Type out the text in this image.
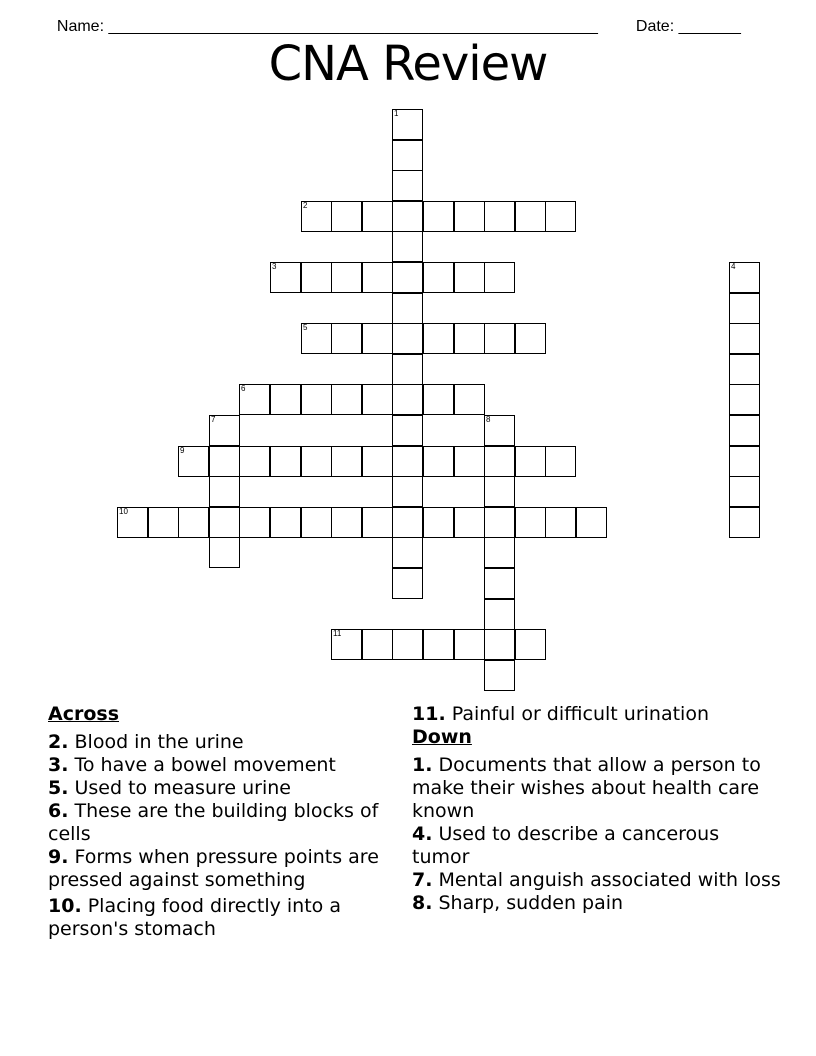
Name: _______________________________________________________	Date: _______

CNA Review
1
2
3	4
5
6
7	8
9
10
11
Across
2. Blood in the urine
3. To have a bowel movement
5. Used to measure urine
6. These are the building blocks of cells
9. Forms when pressure points are pressed against something
10. Placing food directly into a person's stomach
11. Painful or difficult urination
Down
1. Documents that allow a person to make their wishes about health care known
4. Used to describe a cancerous tumor
7. Mental anguish associated with loss
8. Sharp, sudden pain
